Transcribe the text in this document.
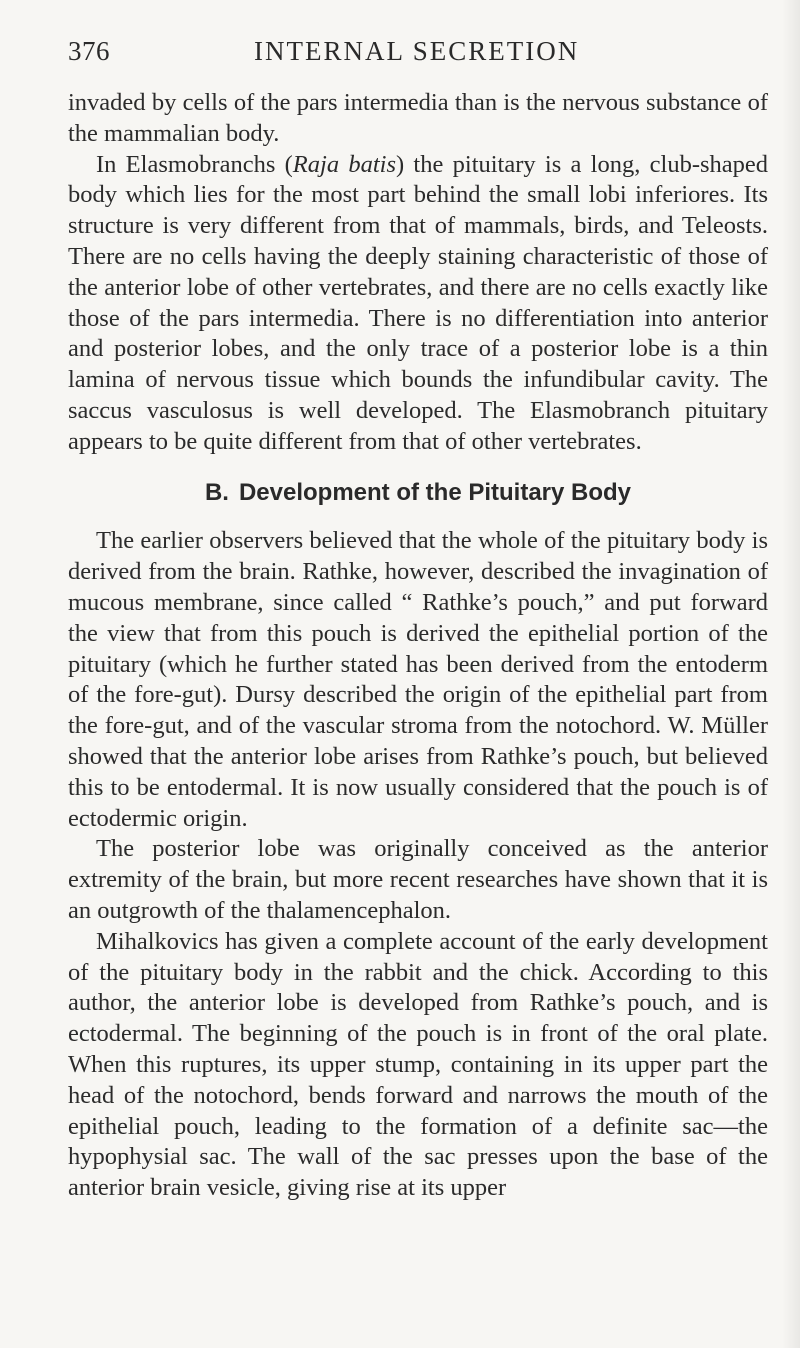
376	INTERNAL SECRETION

invaded by cells of the pars intermedia than is the nervous substance of the mammalian body.

In Elasmobranchs (Raja batis) the pituitary is a long, club-shaped body which lies for the most part behind the small lobi inferiores. Its structure is very different from that of mammals, birds, and Teleosts. There are no cells having the deeply staining characteristic of those of the anterior lobe of other vertebrates, and there are no cells exactly like those of the pars intermedia. There is no differentiation into anterior and posterior lobes, and the only trace of a posterior lobe is a thin lamina of nervous tissue which bounds the infundibular cavity. The saccus vasculosus is well developed. The Elasmobranch pituitary appears to be quite different from that of other vertebrates.

B. Development of the Pituitary Body

The earlier observers believed that the whole of the pituitary body is derived from the brain. Rathke, however, described the invagination of mucous membrane, since called “ Rathke’s pouch,” and put forward the view that from this pouch is derived the epithelial portion of the pituitary (which he further stated has been derived from the entoderm of the fore-gut). Dursy described the origin of the epithelial part from the fore-gut, and of the vascular stroma from the notochord. W. Müller showed that the anterior lobe arises from Rathke’s pouch, but believed this to be entodermal. It is now usually considered that the pouch is of ectodermic origin.

The posterior lobe was originally conceived as the anterior extremity of the brain, but more recent researches have shown that it is an outgrowth of the thalamencephalon.

Mihalkovics has given a complete account of the early development of the pituitary body in the rabbit and the chick. According to this author, the anterior lobe is developed from Rathke’s pouch, and is ectodermal. The beginning of the pouch is in front of the oral plate. When this ruptures, its upper stump, containing in its upper part the head of the notochord, bends forward and narrows the mouth of the epithelial pouch, leading to the formation of a definite sac—the hypophysial sac. The wall of the sac presses upon the base of the anterior brain vesicle, giving rise at its upper
